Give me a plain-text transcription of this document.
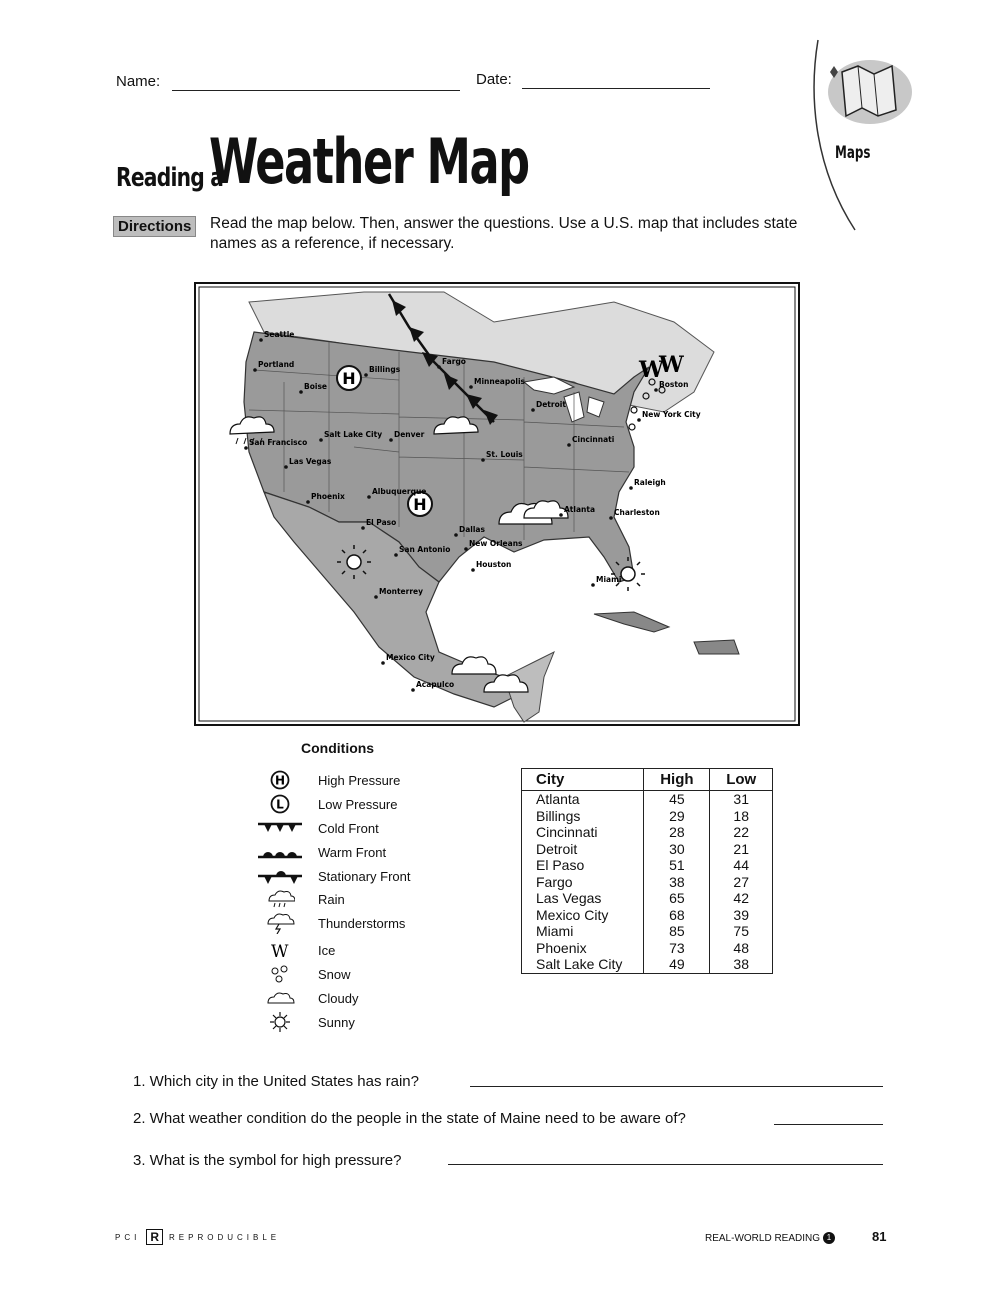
Name:	Date:
Maps
Reading a
Weather Map
Directions	Read the map below. Then, answer the questions. Use a U.S. map that includes state names as a reference, if necessary.
H
H
W
W
Seattle
Portland
Boise
Billings
Fargo
Minneapolis
Detroit
Boston
New York City
San Francisco
Salt Lake City Denver
Cincinnati
St. Louis
Las Vegas
Albuquerque
Phoenix
El Paso
Raleigh
Atlanta	Charleston
Dallas
New Orleans
Houston
San Antonio
Miami
Monterrey
Mexico City
Acapulco
Conditions
H	High Pressure
L	Low Pressure
Cold Front
Warm Front
Stationary Front
Rain
Thunderstorms
W Ice
Snow
Cloudy
Sunny
City	High	Low
Atlanta	45	31
Billings	29	18
Cincinnati	28	22
Detroit	30	21
El Paso	51	44
Fargo	38	27
Las Vegas	65	42
Mexico City	68	39
Miami	85	75
Phoenix	73	48
Salt Lake City	49	38
1. Which city in the United States has rain?
2. What weather condition do the people in the state of Maine need to be aware of?
3. What is the symbol for high pressure?
PCI R	REPRODUCIBLE	REAL-WORLD READING 1	81
